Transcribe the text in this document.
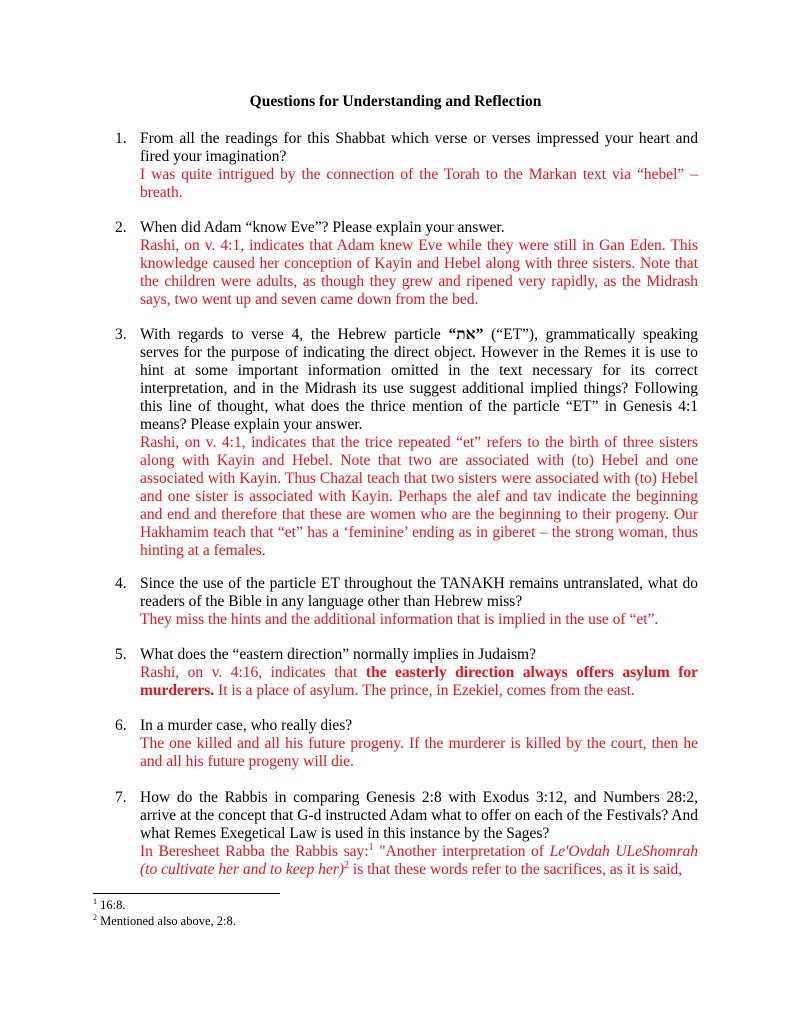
Questions for Understanding and Reflection
1. From all the readings for this Shabbat which verse or verses impressed your heart and fired your imagination?
I was quite intrigued by the connection of the Torah to the Markan text via “hebel” – breath.
2. When did Adam “know Eve”? Please explain your answer.
Rashi, on v. 4:1, indicates that Adam knew Eve while they were still in Gan Eden. This knowledge caused her conception of Kayin and Hebel along with three sisters. Note that the children were adults, as though they grew and ripened very rapidly, as the Midrash says, two went up and seven came down from the bed.
3. With regards to verse 4, the Hebrew particle “את” (“ET”), grammatically speaking serves for the purpose of indicating the direct object. However in the Remes it is use to hint at some important information omitted in the text necessary for its correct interpretation, and in the Midrash its use suggest additional implied things? Following this line of thought, what does the thrice mention of the particle “ET” in Genesis 4:1 means? Please explain your answer.
Rashi, on v. 4:1, indicates that the trice repeated “et” refers to the birth of three sisters along with Kayin and Hebel. Note that two are associated with (to) Hebel and one associated with Kayin. Thus Chazal teach that two sisters were associated with (to) Hebel and one sister is associated with Kayin. Perhaps the alef and tav indicate the beginning and end and therefore that these are women who are the beginning to their progeny. Our Hakhamim teach that “et” has a ‘feminine’ ending as in giberet – the strong woman, thus hinting at a females.
4. Since the use of the particle ET throughout the TANAKH remains untranslated, what do readers of the Bible in any language other than Hebrew miss?
They miss the hints and the additional information that is implied in the use of “et”.
5. What does the “eastern direction” normally implies in Judaism?
Rashi, on v. 4:16, indicates that the easterly direction always offers asylum for murderers. It is a place of asylum. The prince, in Ezekiel, comes from the east.
6. In a murder case, who really dies?
The one killed and all his future progeny. If the murderer is killed by the court, then he and all his future progeny will die.
7. How do the Rabbis in comparing Genesis 2:8 with Exodus 3:12, and Numbers 28:2, arrive at the concept that G-d instructed Adam what to offer on each of the Festivals? And what Remes Exegetical Law is used in this instance by the Sages?
In Beresheet Rabba the Rabbis say:$^1$ "Another interpretation of Le'Ovdah ULeShomrah (to cultivate her and to keep her)$^2$ is that these words refer to the sacrifices, as it is said,
$^1$ 16:8.
$^2$ Mentioned also above, 2:8.
